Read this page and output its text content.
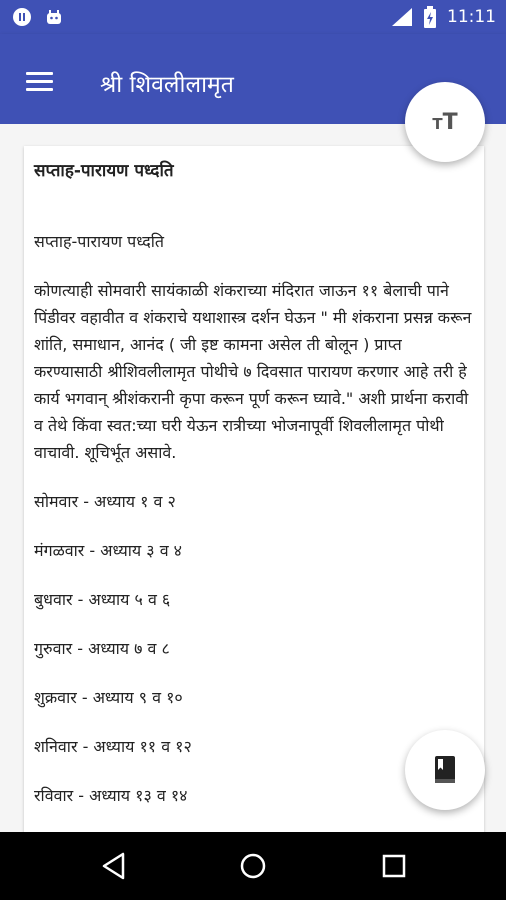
11:11
श्री शिवलीलामृत
सप्ताह-पारायण पध्दति

सप्ताह-पारायण पध्दति

कोणत्याही सोमवारी सायंकाळी शंकराच्या मंदिरात जाऊन ११ बेलाची पाने पिंडीवर वहावीत व शंकराचे यथाशास्त्र दर्शन घेऊन " मी शंकराना प्रसन्न करून शांति, समाधान, आनंद ( जी इष्ट कामना असेल ती बोलून ) प्राप्त करण्यासाठी श्रीशिवलीलामृत पोथीचे ७ दिवसात पारायण करणार आहे तरी हे कार्य भगवान् श्रीशंकरानी कृपा करून पूर्ण करून घ्यावे." अशी प्रार्थना करावी व तेथे किंवा स्वत:च्या घरी येऊन रात्रीच्या भोजनापूर्वी शिवलीलामृत पोथी वाचावी. शूचिर्भूत असावे.

सोमवार - अध्याय १ व २

मंगळवार - अध्याय ३ व ४

बुधवार - अध्याय ५ व ६

गुरुवार - अध्याय ७ व ८

शुक्रवार - अध्याय ९ व १०

शनिवार - अध्याय ११ व १२

रविवार - अध्याय १३ व १४

T T
